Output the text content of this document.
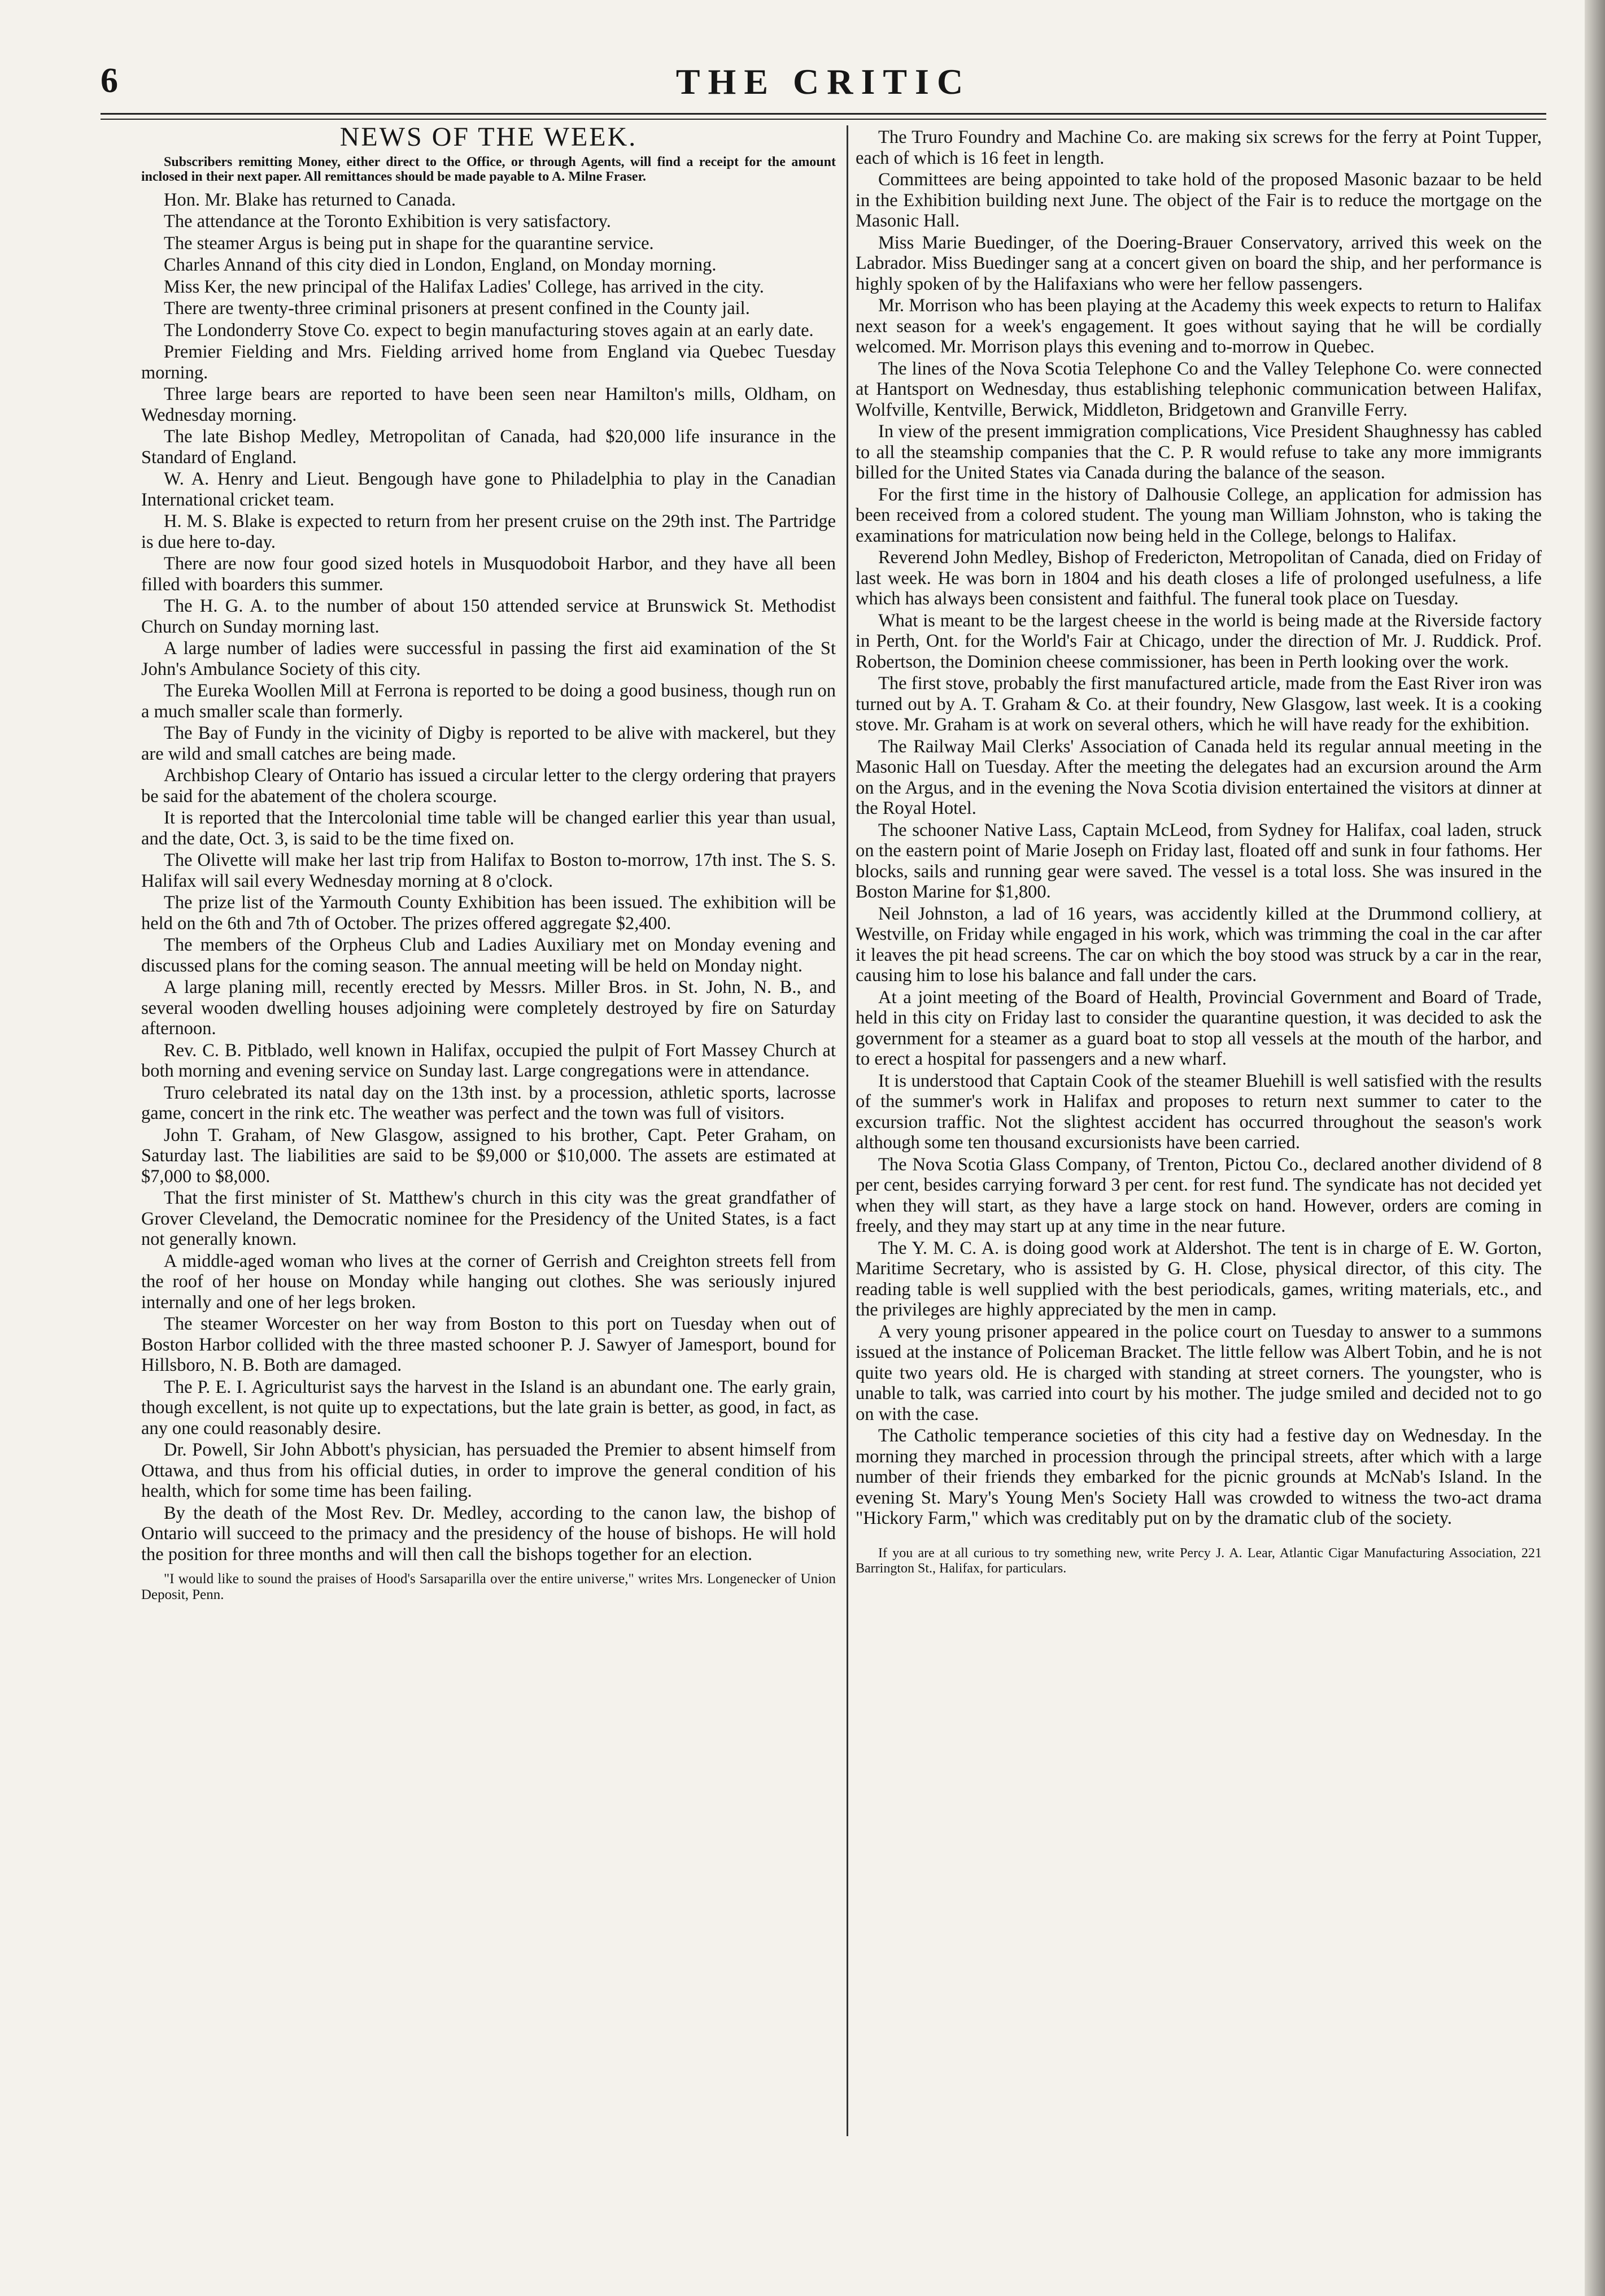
6	THE CRITIC
NEWS OF THE WEEK.

Subscribers remitting Money, either direct to the Office, or through Agents, will find a receipt for the amount inclosed in their next paper. All remittances should be made payable to A. Milne Fraser.

Hon. Mr. Blake has returned to Canada.

The attendance at the Toronto Exhibition is very satisfactory.

The steamer Argus is being put in shape for the quarantine service.

Charles Annand of this city died in London, England, on Monday morning.

Miss Ker, the new principal of the Halifax Ladies' College, has arrived in the city.

There are twenty-three criminal prisoners at present confined in the County jail.

The Londonderry Stove Co. expect to begin manufacturing stoves again at an early date.

Premier Fielding and Mrs. Fielding arrived home from England via Quebec Tuesday morning.

Three large bears are reported to have been seen near Hamilton's mills, Oldham, on Wednesday morning.

The late Bishop Medley, Metropolitan of Canada, had $20,000 life insurance in the Standard of England.

W. A. Henry and Lieut. Bengough have gone to Philadelphia to play in the Canadian International cricket team.

H. M. S. Blake is expected to return from her present cruise on the 29th inst. The Partridge is due here to-day.

There are now four good sized hotels in Musquodoboit Harbor, and they have all been filled with boarders this summer.

The H. G. A. to the number of about 150 attended service at Brunswick St. Methodist Church on Sunday morning last.

A large number of ladies were successful in passing the first aid examination of the St John's Ambulance Society of this city.

The Eureka Woollen Mill at Ferrona is reported to be doing a good business, though run on a much smaller scale than formerly.

The Bay of Fundy in the vicinity of Digby is reported to be alive with mackerel, but they are wild and small catches are being made.

Archbishop Cleary of Ontario has issued a circular letter to the clergy ordering that prayers be said for the abatement of the cholera scourge.

It is reported that the Intercolonial time table will be changed earlier this year than usual, and the date, Oct. 3, is said to be the time fixed on.

The Olivette will make her last trip from Halifax to Boston to-morrow, 17th inst. The S. S. Halifax will sail every Wednesday morning at 8 o'clock.

The prize list of the Yarmouth County Exhibition has been issued. The exhibition will be held on the 6th and 7th of October. The prizes offered aggregate $2,400.

The members of the Orpheus Club and Ladies Auxiliary met on Monday evening and discussed plans for the coming season. The annual meeting will be held on Monday night.

A large planing mill, recently erected by Messrs. Miller Bros. in St. John, N. B., and several wooden dwelling houses adjoining were completely destroyed by fire on Saturday afternoon.

Rev. C. B. Pitblado, well known in Halifax, occupied the pulpit of Fort Massey Church at both morning and evening service on Sunday last. Large congregations were in attendance.

Truro celebrated its natal day on the 13th inst. by a procession, athletic sports, lacrosse game, concert in the rink etc. The weather was perfect and the town was full of visitors.

John T. Graham, of New Glasgow, assigned to his brother, Capt. Peter Graham, on Saturday last. The liabilities are said to be $9,000 or $10,000. The assets are estimated at $7,000 to $8,000.

That the first minister of St. Matthew's church in this city was the great grandfather of Grover Cleveland, the Democratic nominee for the Presidency of the United States, is a fact not generally known.

A middle-aged woman who lives at the corner of Gerrish and Creighton streets fell from the roof of her house on Monday while hanging out clothes. She was seriously injured internally and one of her legs broken.

The steamer Worcester on her way from Boston to this port on Tuesday when out of Boston Harbor collided with the three masted schooner P. J. Sawyer of Jamesport, bound for Hillsboro, N. B. Both are damaged.

The P. E. I. Agriculturist says the harvest in the Island is an abundant one. The early grain, though excellent, is not quite up to expectations, but the late grain is better, as good, in fact, as any one could reasonably desire.

Dr. Powell, Sir John Abbott's physician, has persuaded the Premier to absent himself from Ottawa, and thus from his official duties, in order to improve the general condition of his health, which for some time has been failing.

By the death of the Most Rev. Dr. Medley, according to the canon law, the bishop of Ontario will succeed to the primacy and the presidency of the house of bishops. He will hold the position for three months and will then call the bishops together for an election.

"I would like to sound the praises of Hood's Sarsaparilla over the entire universe," writes Mrs. Longenecker of Union Deposit, Penn.

The Truro Foundry and Machine Co. are making six screws for the ferry at Point Tupper, each of which is 16 feet in length.

Committees are being appointed to take hold of the proposed Masonic bazaar to be held in the Exhibition building next June. The object of the Fair is to reduce the mortgage on the Masonic Hall.

Miss Marie Buedinger, of the Doering-Brauer Conservatory, arrived this week on the Labrador. Miss Buedinger sang at a concert given on board the ship, and her performance is highly spoken of by the Halifaxians who were her fellow passengers.

Mr. Morrison who has been playing at the Academy this week expects to return to Halifax next season for a week's engagement. It goes without saying that he will be cordially welcomed. Mr. Morrison plays this evening and to-morrow in Quebec.

The lines of the Nova Scotia Telephone Co and the Valley Telephone Co. were connected at Hantsport on Wednesday, thus establishing telephonic communication between Halifax, Wolfville, Kentville, Berwick, Middleton, Bridgetown and Granville Ferry.

In view of the present immigration complications, Vice President Shaughnessy has cabled to all the steamship companies that the C. P. R would refuse to take any more immigrants billed for the United States via Canada during the balance of the season.

For the first time in the history of Dalhousie College, an application for admission has been received from a colored student. The young man William Johnston, who is taking the examinations for matriculation now being held in the College, belongs to Halifax.

Reverend John Medley, Bishop of Fredericton, Metropolitan of Canada, died on Friday of last week. He was born in 1804 and his death closes a life of prolonged usefulness, a life which has always been consistent and faithful. The funeral took place on Tuesday.

What is meant to be the largest cheese in the world is being made at the Riverside factory in Perth, Ont. for the World's Fair at Chicago, under the direction of Mr. J. Ruddick. Prof. Robertson, the Dominion cheese commissioner, has been in Perth looking over the work.

The first stove, probably the first manufactured article, made from the East River iron was turned out by A. T. Graham & Co. at their foundry, New Glasgow, last week. It is a cooking stove. Mr. Graham is at work on several others, which he will have ready for the exhibition.

The Railway Mail Clerks' Association of Canada held its regular annual meeting in the Masonic Hall on Tuesday. After the meeting the delegates had an excursion around the Arm on the Argus, and in the evening the Nova Scotia division entertained the visitors at dinner at the Royal Hotel.

The schooner Native Lass, Captain McLeod, from Sydney for Halifax, coal laden, struck on the eastern point of Marie Joseph on Friday last, floated off and sunk in four fathoms. Her blocks, sails and running gear were saved. The vessel is a total loss. She was insured in the Boston Marine for $1,800.

Neil Johnston, a lad of 16 years, was accidently killed at the Drummond colliery, at Westville, on Friday while engaged in his work, which was trimming the coal in the car after it leaves the pit head screens. The car on which the boy stood was struck by a car in the rear, causing him to lose his balance and fall under the cars.

At a joint meeting of the Board of Health, Provincial Government and Board of Trade, held in this city on Friday last to consider the quarantine question, it was decided to ask the government for a steamer as a guard boat to stop all vessels at the mouth of the harbor, and to erect a hospital for passengers and a new wharf.

It is understood that Captain Cook of the steamer Bluehill is well satisfied with the results of the summer's work in Halifax and proposes to return next summer to cater to the excursion traffic. Not the slightest accident has occurred throughout the season's work although some ten thousand excursionists have been carried.

The Nova Scotia Glass Company, of Trenton, Pictou Co., declared another dividend of 8 per cent, besides carrying forward 3 per cent. for rest fund. The syndicate has not decided yet when they will start, as they have a large stock on hand. However, orders are coming in freely, and they may start up at any time in the near future.

The Y. M. C. A. is doing good work at Aldershot. The tent is in charge of E. W. Gorton, Maritime Secretary, who is assisted by G. H. Close, physical director, of this city. The reading table is well supplied with the best periodicals, games, writing materials, etc., and the privileges are highly appreciated by the men in camp.

A very young prisoner appeared in the police court on Tuesday to answer to a summons issued at the instance of Policeman Bracket. The little fellow was Albert Tobin, and he is not quite two years old. He is charged with standing at street corners. The youngster, who is unable to talk, was carried into court by his mother. The judge smiled and decided not to go on with the case.

The Catholic temperance societies of this city had a festive day on Wednesday. In the morning they marched in procession through the principal streets, after which with a large number of their friends they embarked for the picnic grounds at McNab's Island. In the evening St. Mary's Young Men's Society Hall was crowded to witness the two-act drama "Hickory Farm," which was creditably put on by the dramatic club of the society.

If you are at all curious to try something new, write Percy J. A. Lear, Atlantic Cigar Manufacturing Association, 221 Barrington St., Halifax, for particulars.
